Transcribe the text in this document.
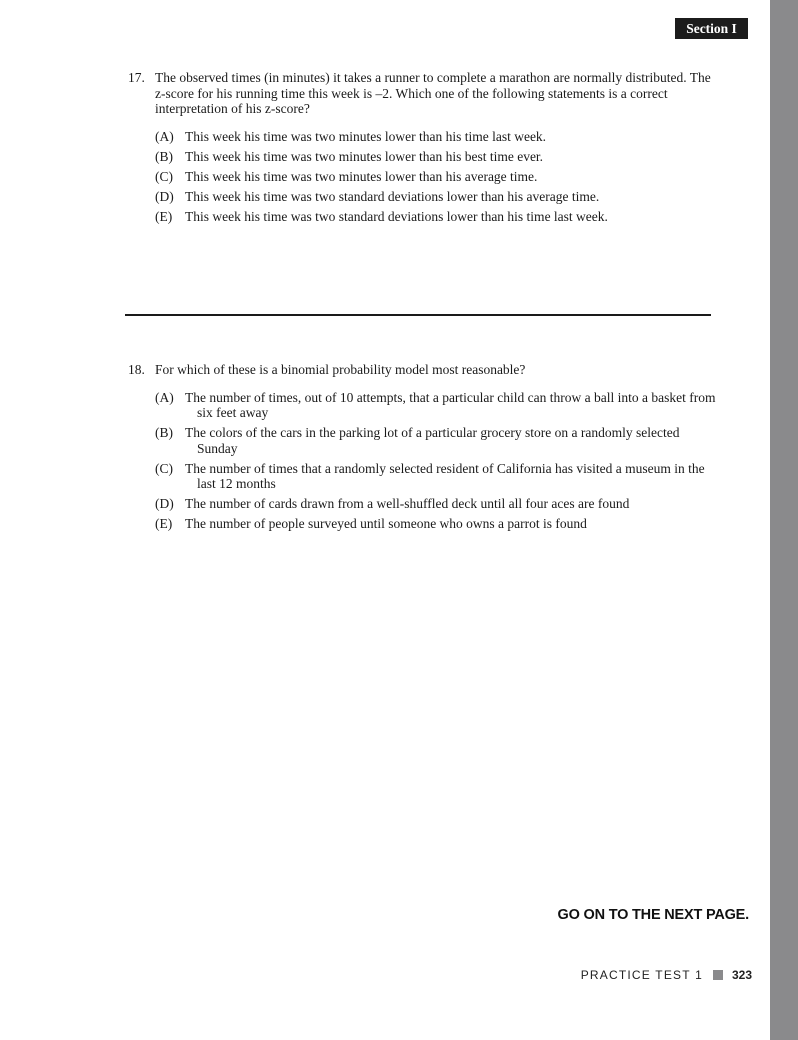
Section I
17. The observed times (in minutes) it takes a runner to complete a marathon are normally distributed. The z-score for his running time this week is –2. Which one of the following statements is a correct interpretation of his z-score?
(A) This week his time was two minutes lower than his time last week.
(B) This week his time was two minutes lower than his best time ever.
(C) This week his time was two minutes lower than his average time.
(D) This week his time was two standard deviations lower than his average time.
(E) This week his time was two standard deviations lower than his time last week.
18. For which of these is a binomial probability model most reasonable?
(A) The number of times, out of 10 attempts, that a particular child can throw a ball into a basket from six feet away
(B) The colors of the cars in the parking lot of a particular grocery store on a randomly selected Sunday
(C) The number of times that a randomly selected resident of California has visited a museum in the last 12 months
(D) The number of cards drawn from a well-shuffled deck until all four aces are found
(E) The number of people surveyed until someone who owns a parrot is found
GO ON TO THE NEXT PAGE.
PRACTICE TEST 1 323
